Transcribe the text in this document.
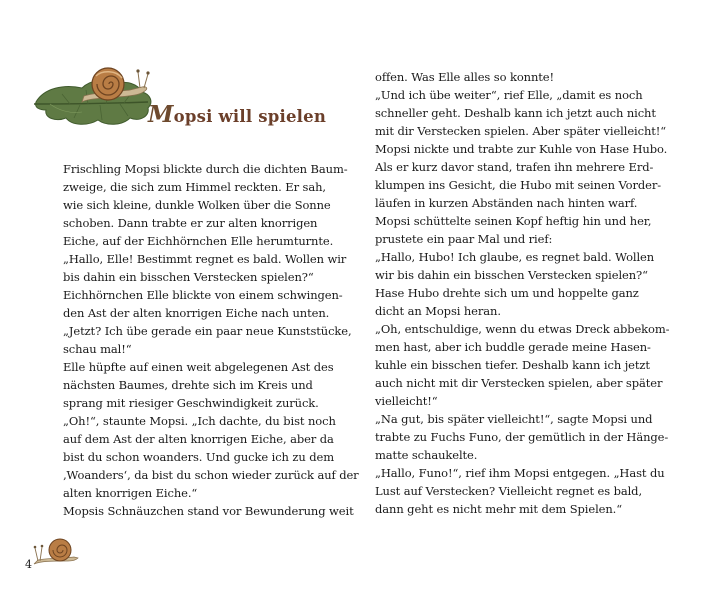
Mopsi will spielen
Frischling Mopsi blickte durch die dichten Baum-
zweige, die sich zum Himmel reckten. Er sah,
wie sich kleine, dunkle Wolken über die Sonne
schoben. Dann trabte er zur alten knorrigen
Eiche, auf der Eichhörnchen Elle herumturnte.
„Hallo, Elle! Bestimmt regnet es bald. Wollen wir
bis dahin ein bisschen Verstecken spielen?“
Eichhörnchen Elle blickte von einem schwingen-
den Ast der alten knorrigen Eiche nach unten.
„Jetzt? Ich übe gerade ein paar neue Kunststücke,
schau mal!“
Elle hüpfte auf einen weit abgelegenen Ast des
nächsten Baumes, drehte sich im Kreis und
sprang mit riesiger Geschwindigkeit zurück.
„Oh!“, staunte Mopsi. „Ich dachte, du bist noch
auf dem Ast der alten knorrigen Eiche, aber da
bist du schon woanders. Und gucke ich zu dem
‚Woanders‘, da bist du schon wieder zurück auf der
alten knorrigen Eiche.“
Mopsis Schnäuzchen stand vor Bewunderung weit
offen. Was Elle alles so konnte!
„Und ich übe weiter“, rief Elle, „damit es noch
schneller geht. Deshalb kann ich jetzt auch nicht
mit dir Verstecken spielen. Aber später vielleicht!“
Mopsi nickte und trabte zur Kuhle von Hase Hubo.
Als er kurz davor stand, trafen ihn mehrere Erd-
klumpen ins Gesicht, die Hubo mit seinen Vorder-
läufen in kurzen Abständen nach hinten warf.
Mopsi schüttelte seinen Kopf heftig hin und her,
prustete ein paar Mal und rief:
„Hallo, Hubo! Ich glaube, es regnet bald. Wollen
wir bis dahin ein bisschen Verstecken spielen?“
Hase Hubo drehte sich um und hoppelte ganz
dicht an Mopsi heran.
„Oh, entschuldige, wenn du etwas Dreck abbekom-
men hast, aber ich buddle gerade meine Hasen-
kuhle ein bisschen tiefer. Deshalb kann ich jetzt
auch nicht mit dir Verstecken spielen, aber später
vielleicht!“
„Na gut, bis später vielleicht!“, sagte Mopsi und
trabte zu Fuchs Funo, der gemütlich in der Hänge-
matte schaukelte.
„Hallo, Funo!“, rief ihm Mopsi entgegen. „Hast du
Lust auf Verstecken? Vielleicht regnet es bald,
dann geht es nicht mehr mit dem Spielen.“
4
